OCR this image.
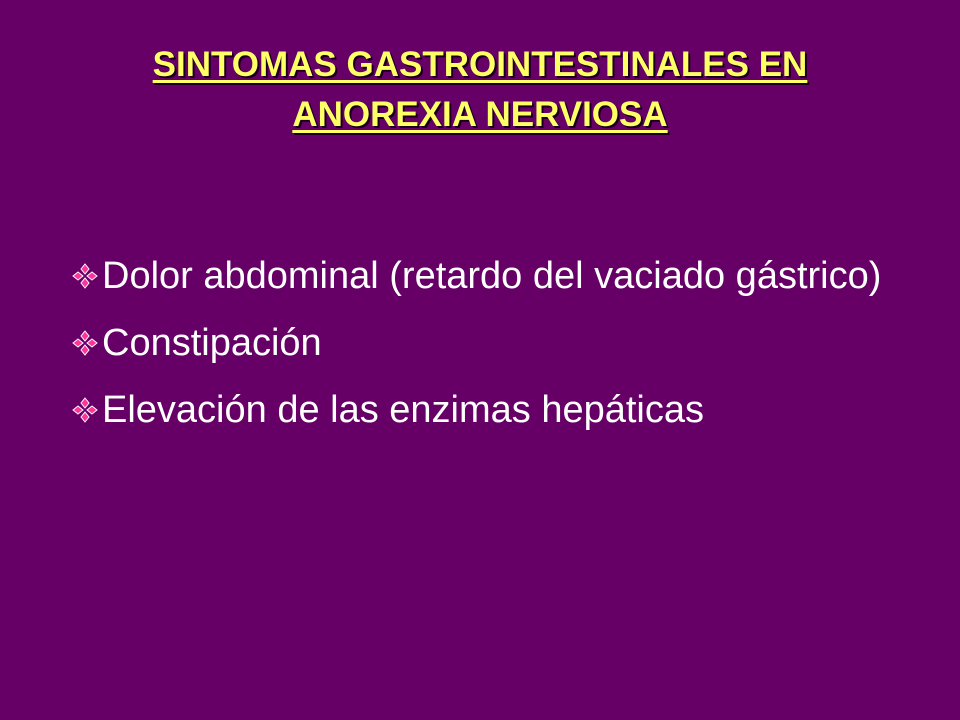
SINTOMAS GASTROINTESTINALES EN
ANOREXIA NERVIOSA
Dolor abdominal (retardo del vaciado gástrico)
Constipación
Elevación de las enzimas hepáticas
